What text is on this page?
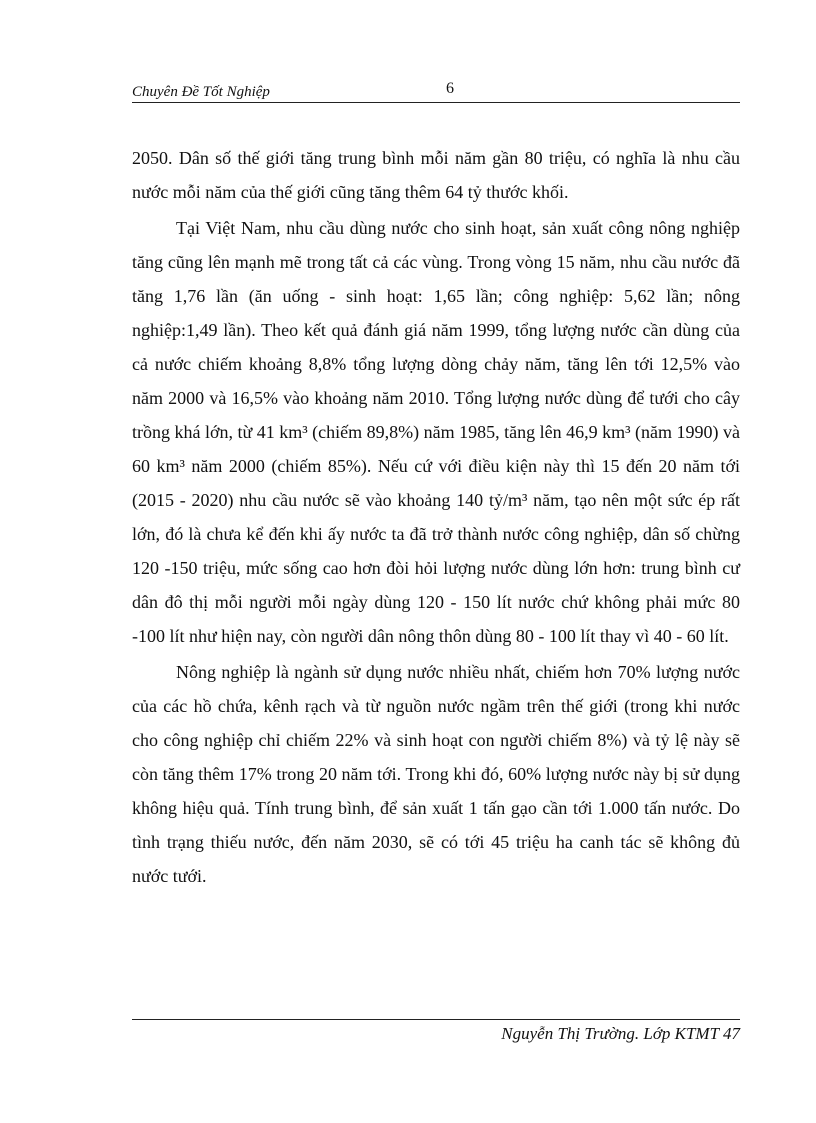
Chuyên Đề Tốt Nghiệp	6

2050. Dân số thế giới tăng trung bình mỗi năm gần 80 triệu, có nghĩa là nhu cầu nước mỗi năm của thế giới cũng tăng thêm 64 tỷ thước khối.

Tại Việt Nam, nhu cầu dùng nước cho sinh hoạt, sản xuất công nông nghiệp tăng cũng lên mạnh mẽ trong tất cả các vùng. Trong vòng 15 năm, nhu cầu nước đã tăng 1,76 lần (ăn uống - sinh hoạt: 1,65 lần; công nghiệp: 5,62 lần; nông nghiệp:1,49 lần). Theo kết quả đánh giá năm 1999, tổng lượng nước cần dùng của cả nước chiếm khoảng 8,8% tổng lượng dòng chảy năm, tăng lên tới 12,5% vào năm 2000 và 16,5% vào khoảng năm 2010. Tổng lượng nước dùng để tưới cho cây trồng khá lớn, từ 41 km³ (chiếm 89,8%) năm 1985, tăng lên 46,9 km³ (năm 1990) và 60 km³ năm 2000 (chiếm 85%). Nếu cứ với điều kiện này thì 15 đến 20 năm tới (2015 - 2020) nhu cầu nước sẽ vào khoảng 140 tỷ/m³ năm, tạo nên một sức ép rất lớn, đó là chưa kể đến khi ấy nước ta đã trở thành nước công nghiệp, dân số chừng 120 -150 triệu, mức sống cao hơn đòi hỏi lượng nước dùng lớn hơn: trung bình cư dân đô thị mỗi người mỗi ngày dùng 120 - 150 lít nước chứ không phải mức 80 -100 lít như hiện nay, còn người dân nông thôn dùng 80 - 100 lít thay vì 40 - 60 lít.

Nông nghiệp là ngành sử dụng nước nhiều nhất, chiếm hơn 70% lượng nước của các hồ chứa, kênh rạch và từ nguồn nước ngầm trên thế giới (trong khi nước cho công nghiệp chỉ chiếm 22% và sinh hoạt con người chiếm 8%) và tỷ lệ này sẽ còn tăng thêm 17% trong 20 năm tới. Trong khi đó, 60% lượng nước này bị sử dụng không hiệu quả. Tính trung bình, để sản xuất 1 tấn gạo cần tới 1.000 tấn nước. Do tình trạng thiếu nước, đến năm 2030, sẽ có tới 45 triệu ha canh tác sẽ không đủ nước tưới.

Nguyễn Thị Trường. Lớp KTMT 47
